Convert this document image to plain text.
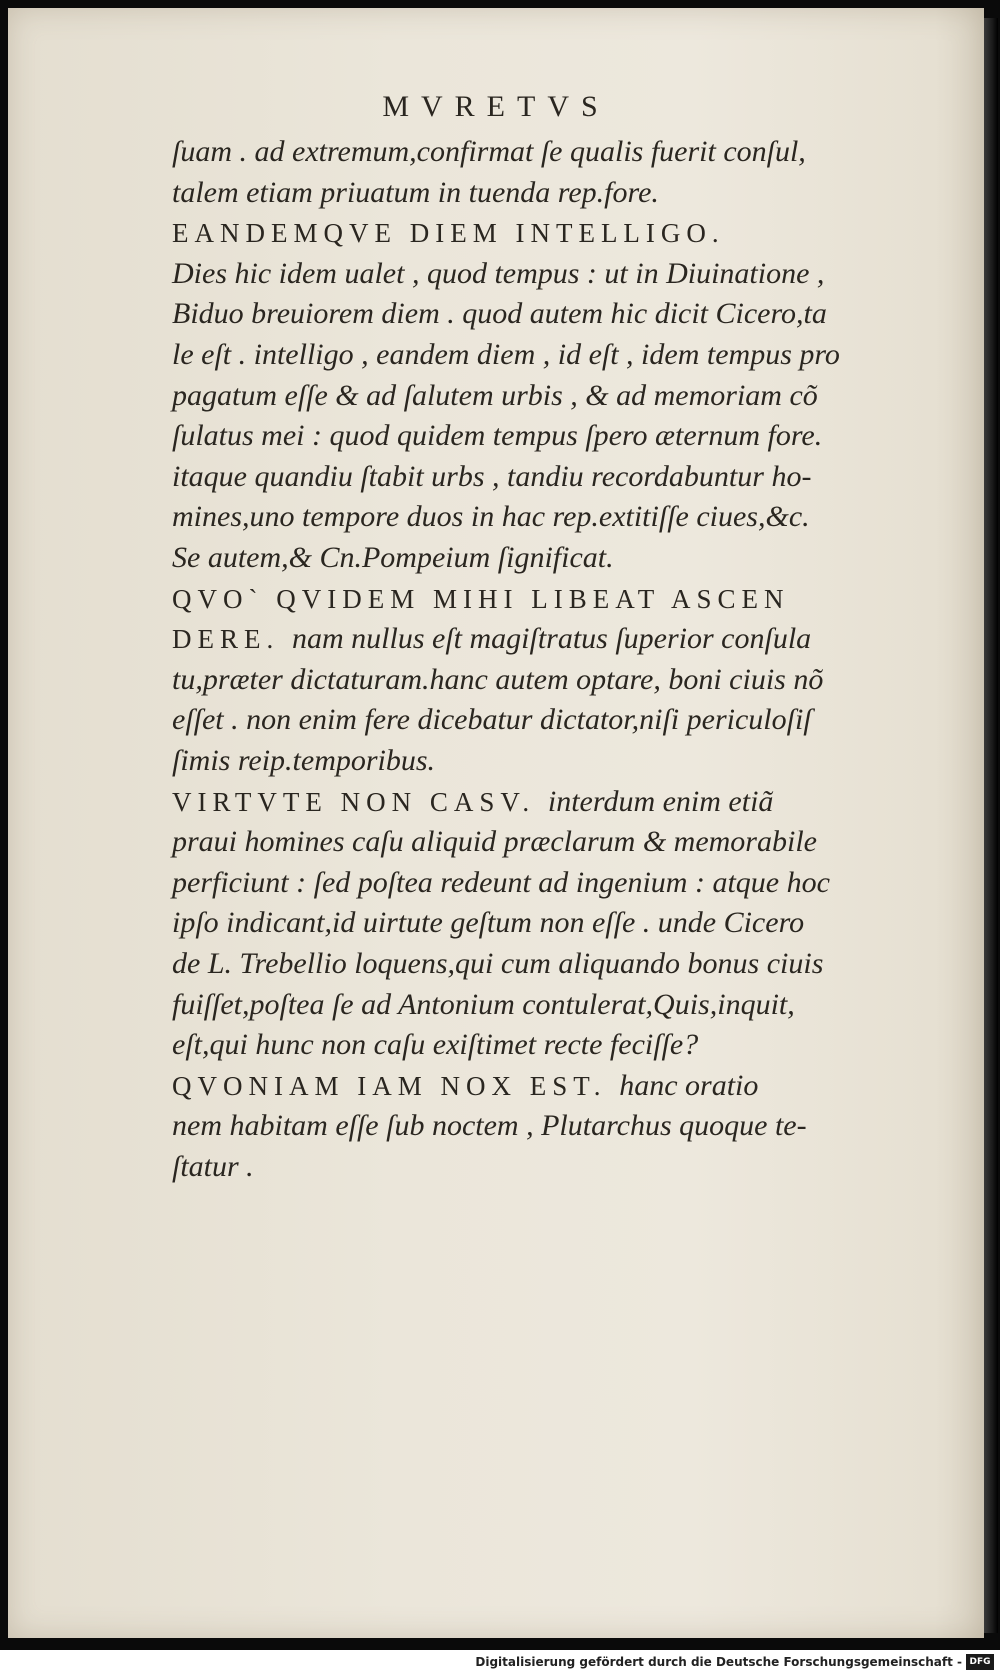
MVRETVS
ſuam . ad extremum,confirmat ſe qualis fuerit conſul,
talem etiam priuatum in tuenda rep.fore.
EANDEMQVE DIEM INTELLIGO.
Dies hic idem ualet , quod tempus : ut in Diuinatione ,
Biduo breuiorem diem . quod autem hic dicit Cicero,ta
le eſt . intelligo , eandem diem , id eſt , idem tempus pro
pagatum eſſe & ad ſalutem urbis , & ad memoriam cõ
ſulatus mei : quod quidem tempus ſpero æternum fore.
itaque quandiu ſtabit urbs , tandiu recordabuntur ho-
mines,uno tempore duos in hac rep.extitiſſe ciues,&c.
Se autem,& Cn.Pompeium ſignificat.
QVO` QVIDEM MIHI LIBEAT ASCEN
DERE. nam nullus eſt magiſtratus ſuperior conſula
tu,præter dictaturam.hanc autem optare, boni ciuis nõ
eſſet . non enim fere dicebatur dictator,niſi periculoſiſ
ſimis reip.temporibus.
VIRTVTE NON CASV. interdum enim etiã
praui homines caſu aliquid præclarum & memorabile
perficiunt : ſed poſtea redeunt ad ingenium : atque hoc
ipſo indicant,id uirtute geſtum non eſſe . unde Cicero
de L. Trebellio loquens,qui cum aliquando bonus ciuis
fuiſſet,poſtea ſe ad Antonium contulerat,Quis,inquit,
eſt,qui hunc non caſu exiſtimet recte feciſſe?
QVONIAM IAM NOX EST. hanc oratio
nem habitam eſſe ſub noctem , Plutarchus quoque te-
ſtatur .
Digitalisierung gefördert durch die Deutsche Forschungsgemeinschaft - DFG
